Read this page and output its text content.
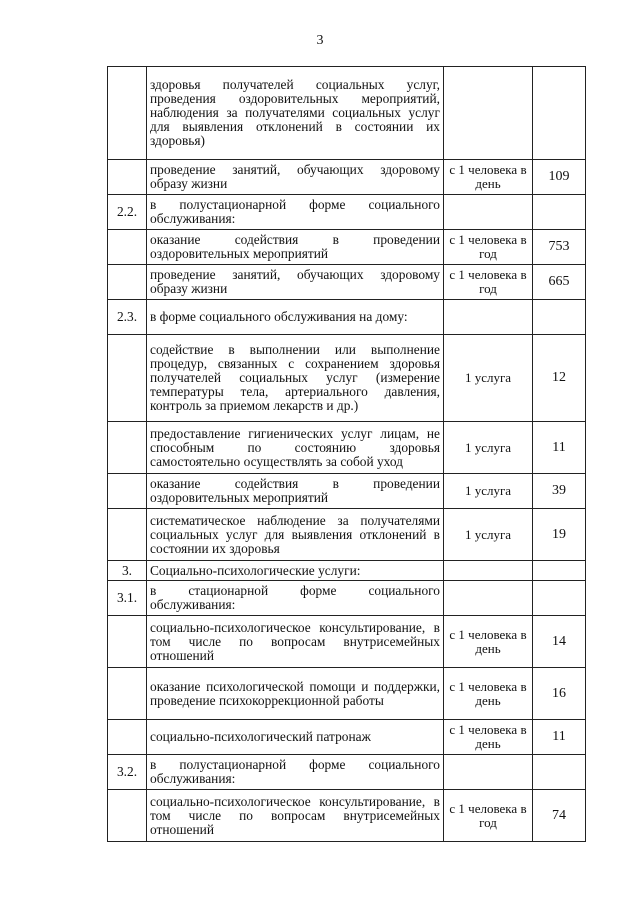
3
	здоровья получателей социальных услуг, проведения оздоровительных мероприятий, наблюдения за получателями социальных услуг для выявления отклонений в состоянии их здоровья)		
	проведение занятий, обучающих здоровому образу жизни	с 1 человека в день	109
2.2.	в полустационарной форме социального обслуживания:		
	оказание содействия в проведении оздоровительных мероприятий	с 1 человека в год	753
	проведение занятий, обучающих здоровому образу жизни	с 1 человека в год	665
2.3.	в форме социального обслуживания на дому:		
	содействие в выполнении или выполнение процедур, связанных с сохранением здоровья получателей социальных услуг (измерение температуры тела, артериального давления, контроль за приемом лекарств и др.)	1 услуга	12
	предоставление гигиенических услуг лицам, не способным по состоянию здоровья самостоятельно осуществлять за собой уход	1 услуга	11
	оказание содействия в проведении оздоровительных мероприятий	1 услуга	39
	систематическое наблюдение за получателями социальных услуг для выявления отклонений в состоянии их здоровья	1 услуга	19
3.	Социально-психологические услуги:		
3.1.	в стационарной форме социального обслуживания:		
	социально-психологическое консультирование, в том числе по вопросам внутрисемейных отношений	с 1 человека в день	14
	оказание психологической помощи и поддержки, проведение психокоррекционной работы	с 1 человека в день	16
	социально-психологический патронаж	с 1 человека в день	11
3.2.	в полустационарной форме социального обслуживания:		
	социально-психологическое консультирование, в том числе по вопросам внутрисемейных отношений	с 1 человека в год	74
